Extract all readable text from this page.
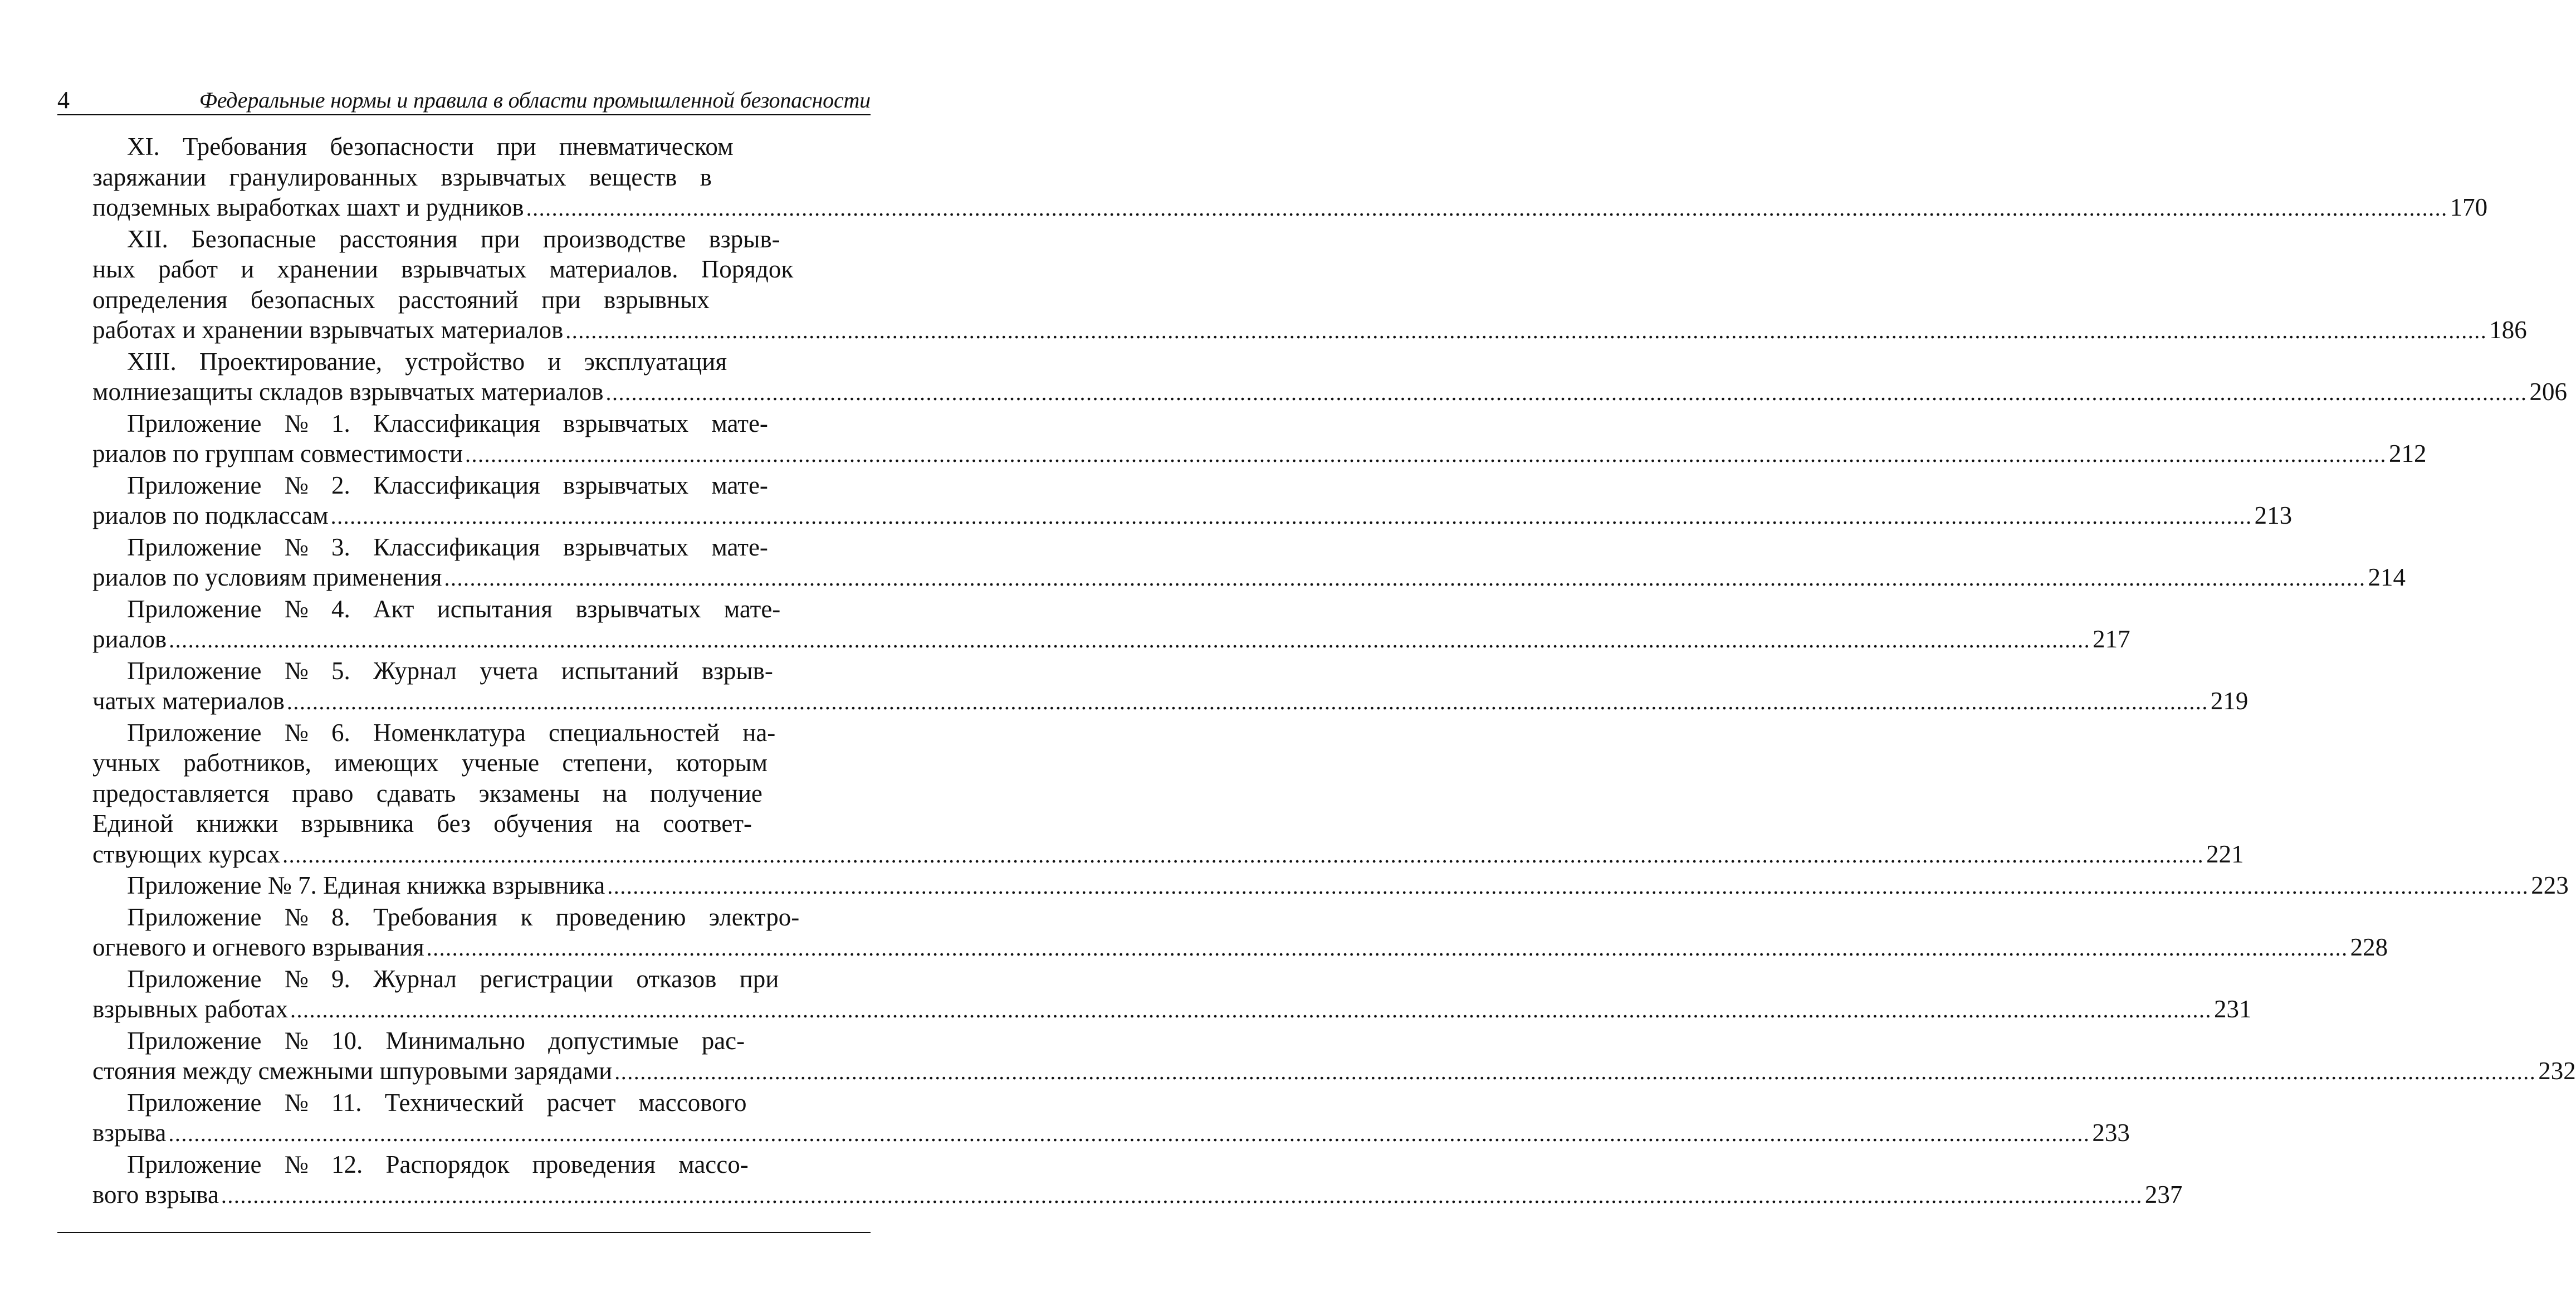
4	Федеральные нормы и правила в области промышленной безопасности
XI. Требования безопасности при пневматическом
заряжании гранулированных взрывчатых веществ в
подземных выработках шахт и рудников ............................................................................................................................................................................................................................................................................................................ 170
XII. Безопасные расстояния при производстве взрыв-
ных работ и хранении взрывчатых материалов. Порядок
определения безопасных расстояний при взрывных
работах и хранении взрывчатых материалов ............................................................................................................................................................................................................................................................................................................ 186
XIII. Проектирование, устройство и эксплуатация
молниезащиты складов взрывчатых материалов ............................................................................................................................................................................................................................................................................................................ 206
Приложение № 1. Классификация взрывчатых мате-
риалов по группам совместимости ............................................................................................................................................................................................................................................................................................................ 212
Приложение № 2. Классификация взрывчатых мате-
риалов по подклассам ............................................................................................................................................................................................................................................................................................................ 213
Приложение № 3. Классификация взрывчатых мате-
риалов по условиям применения ............................................................................................................................................................................................................................................................................................................ 214
Приложение № 4. Акт испытания взрывчатых мате-
риалов ............................................................................................................................................................................................................................................................................................................ 217
Приложение № 5. Журнал учета испытаний взрыв-
чатых материалов ............................................................................................................................................................................................................................................................................................................ 219
Приложение № 6. Номенклатура специальностей на-
учных работников, имеющих ученые степени, которым
предоставляется право сдавать экзамены на получение
Единой книжки взрывника без обучения на соответ-
ствующих курсах ............................................................................................................................................................................................................................................................................................................ 221
Приложение № 7. Единая книжка взрывника ............................................................................................................................................................................................................................................................................................................ 223
Приложение № 8. Требования к проведению электро-
огневого и огневого взрывания ............................................................................................................................................................................................................................................................................................................ 228
Приложение № 9. Журнал регистрации отказов при
взрывных работах ............................................................................................................................................................................................................................................................................................................ 231
Приложение № 10. Минимально допустимые рас-
стояния между смежными шпуровыми зарядами ............................................................................................................................................................................................................................................................................................................ 232
Приложение № 11. Технический расчет массового
взрыва ............................................................................................................................................................................................................................................................................................................ 233
Приложение № 12. Распорядок проведения массо-
вого взрыва ............................................................................................................................................................................................................................................................................................................ 237
